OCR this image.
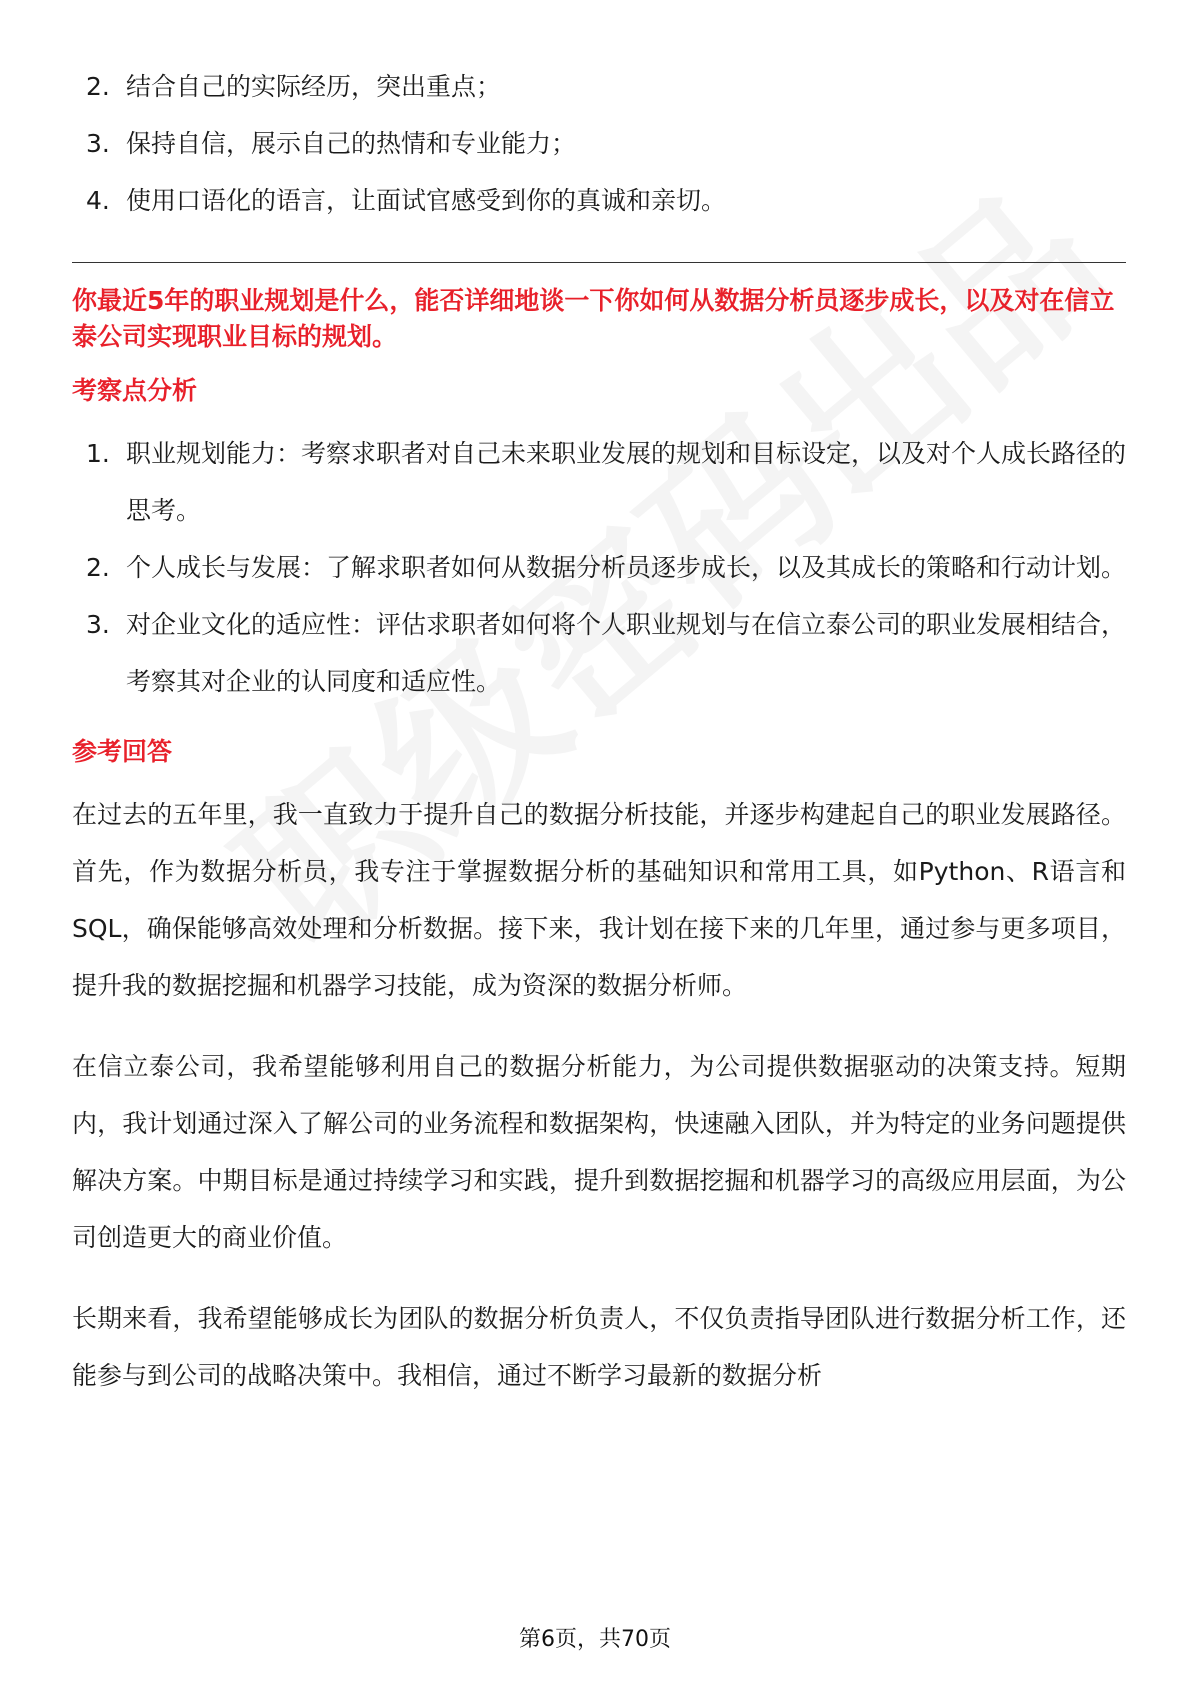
2. 结合自己的实际经历，突出重点；
3. 保持自信，展示自己的热情和专业能力；
4. 使用口语化的语言，让面试官感受到你的真诚和亲切。
你最近5年的职业规划是什么，能否详细地谈一下你如何从数据分析员逐步成长，以及对在信立泰公司实现职业目标的规划。
考察点分析
1. 职业规划能力：考察求职者对自己未来职业发展的规划和目标设定，以及对个人成长路径的思考。
2. 个人成长与发展：了解求职者如何从数据分析员逐步成长，以及其成长的策略和行动计划。
3. 对企业文化的适应性：评估求职者如何将个人职业规划与在信立泰公司的职业发展相结合，考察其对企业的认同度和适应性。
参考回答

在过去的五年里，我一直致力于提升自己的数据分析技能，并逐步构建起自己的职业发展路径。首先，作为数据分析员，我专注于掌握数据分析的基础知识和常用工具，如Python、R语言和SQL，确保能够高效处理和分析数据。接下来，我计划在接下来的几年里，通过参与更多项目，提升我的数据挖掘和机器学习技能，成为资深的数据分析师。

在信立泰公司，我希望能够利用自己的数据分析能力，为公司提供数据驱动的决策支持。短期内，我计划通过深入了解公司的业务流程和数据架构，快速融入团队，并为特定的业务问题提供解决方案。中期目标是通过持续学习和实践，提升到数据挖掘和机器学习的高级应用层面，为公司创造更大的商业价值。

长期来看，我希望能够成长为团队的数据分析负责人，不仅负责指导团队进行数据分析工作，还能参与到公司的战略决策中。我相信，通过不断学习最新的数据分析

第6页，共70页
